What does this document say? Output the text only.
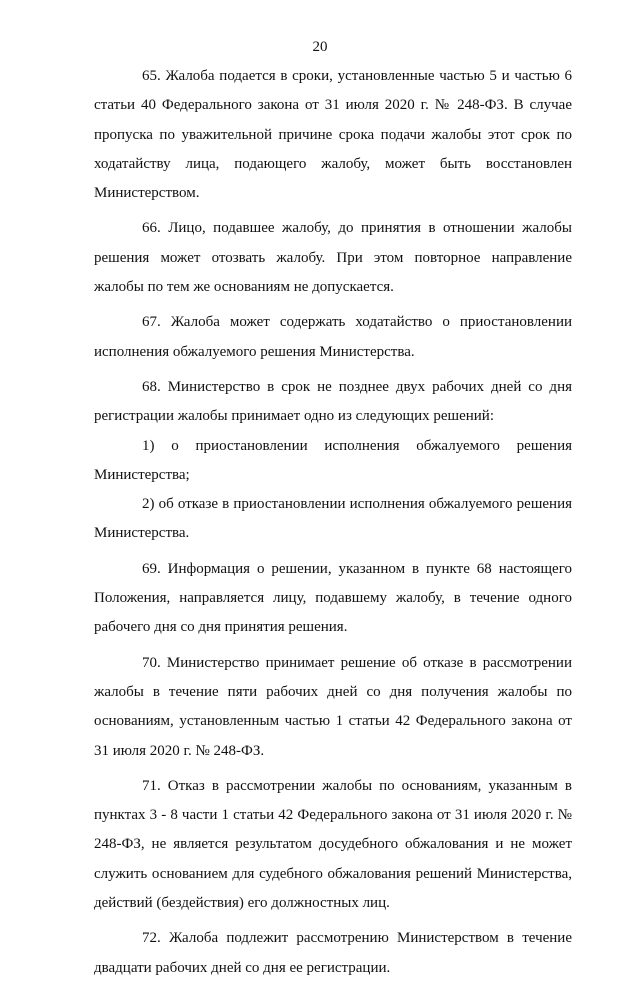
20

65. Жалоба подается в сроки, установленные частью 5 и частью 6 статьи 40 Федерального закона от 31 июля 2020 г. № 248-ФЗ. В случае пропуска по уважительной причине срока подачи жалобы этот срок по ходатайству лица, подающего жалобу, может быть восстановлен Министерством.

66. Лицо, подавшее жалобу, до принятия в отношении жалобы решения может отозвать жалобу. При этом повторное направление жалобы по тем же основаниям не допускается.

67. Жалоба может содержать ходатайство о приостановлении исполнения обжалуемого решения Министерства.

68. Министерство в срок не позднее двух рабочих дней со дня регистрации жалобы принимает одно из следующих решений:

1) о приостановлении исполнения обжалуемого решения Министерства;

2) об отказе в приостановлении исполнения обжалуемого решения Министерства.

69. Информация о решении, указанном в пункте 68 настоящего Положения, направляется лицу, подавшему жалобу, в течение одного рабочего дня со дня принятия решения.

70. Министерство принимает решение об отказе в рассмотрении жалобы в течение пяти рабочих дней со дня получения жалобы по основаниям, установленным частью 1 статьи 42 Федерального закона от 31 июля 2020 г. № 248-ФЗ.

71. Отказ в рассмотрении жалобы по основаниям, указанным в пунктах 3 - 8 части 1 статьи 42 Федерального закона от 31 июля 2020 г. № 248-ФЗ, не является результатом досудебного обжалования и не может служить основанием для судебного обжалования решений Министерства, действий (бездействия) его должностных лиц.

72. Жалоба подлежит рассмотрению Министерством в течение двадцати рабочих дней со дня ее регистрации.
